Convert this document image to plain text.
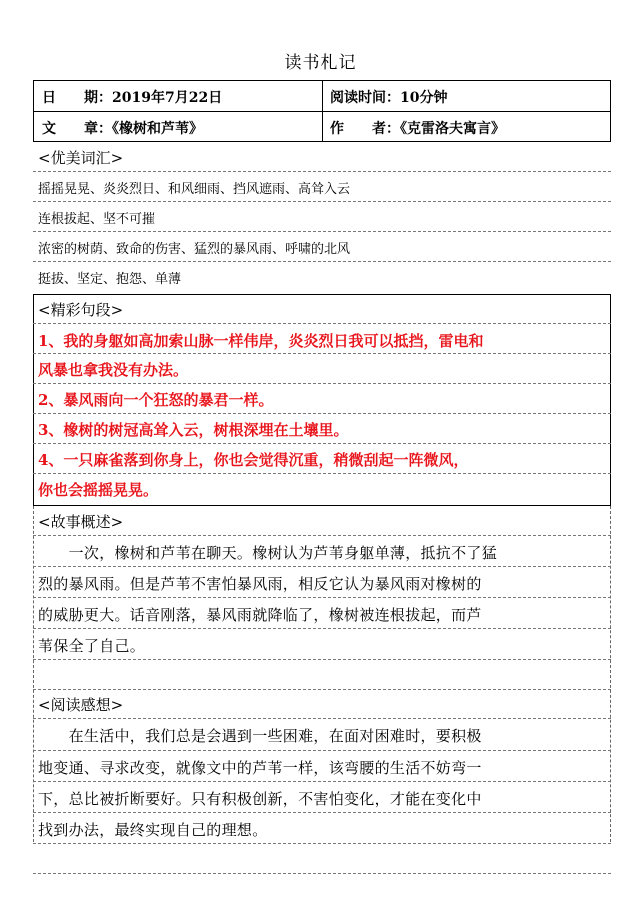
读书札记
日　　期：2019年7月22日	阅读时间：10分钟
文　　章：《橡树和芦苇》	作　　者：《克雷洛夫寓言》
<优美词汇>
摇摇晃晃、炎炎烈日、和风细雨、挡风遮雨、高耸入云
连根拔起、坚不可摧
浓密的树荫、致命的伤害、猛烈的暴风雨、呼啸的北风
挺拔、坚定、抱怨、单薄
<精彩句段>
1、我的身躯如高加索山脉一样伟岸，炎炎烈日我可以抵挡，雷电和
风暴也拿我没有办法。
2、暴风雨向一个狂怒的暴君一样。
3、橡树的树冠高耸入云，树根深埋在土壤里。
4、一只麻雀落到你身上，你也会觉得沉重，稍微刮起一阵微风，
你也会摇摇晃晃。
<故事概述>
　　一次，橡树和芦苇在聊天。橡树认为芦苇身躯单薄，抵抗不了猛
烈的暴风雨。但是芦苇不害怕暴风雨，相反它认为暴风雨对橡树的
的威胁更大。话音刚落，暴风雨就降临了，橡树被连根拔起，而芦
苇保全了自己。
<阅读感想>
　　在生活中，我们总是会遇到一些困难，在面对困难时，要积极
地变通、寻求改变，就像文中的芦苇一样，该弯腰的生活不妨弯一
下，总比被折断要好。只有积极创新，不害怕变化，才能在变化中
找到办法，最终实现自己的理想。
